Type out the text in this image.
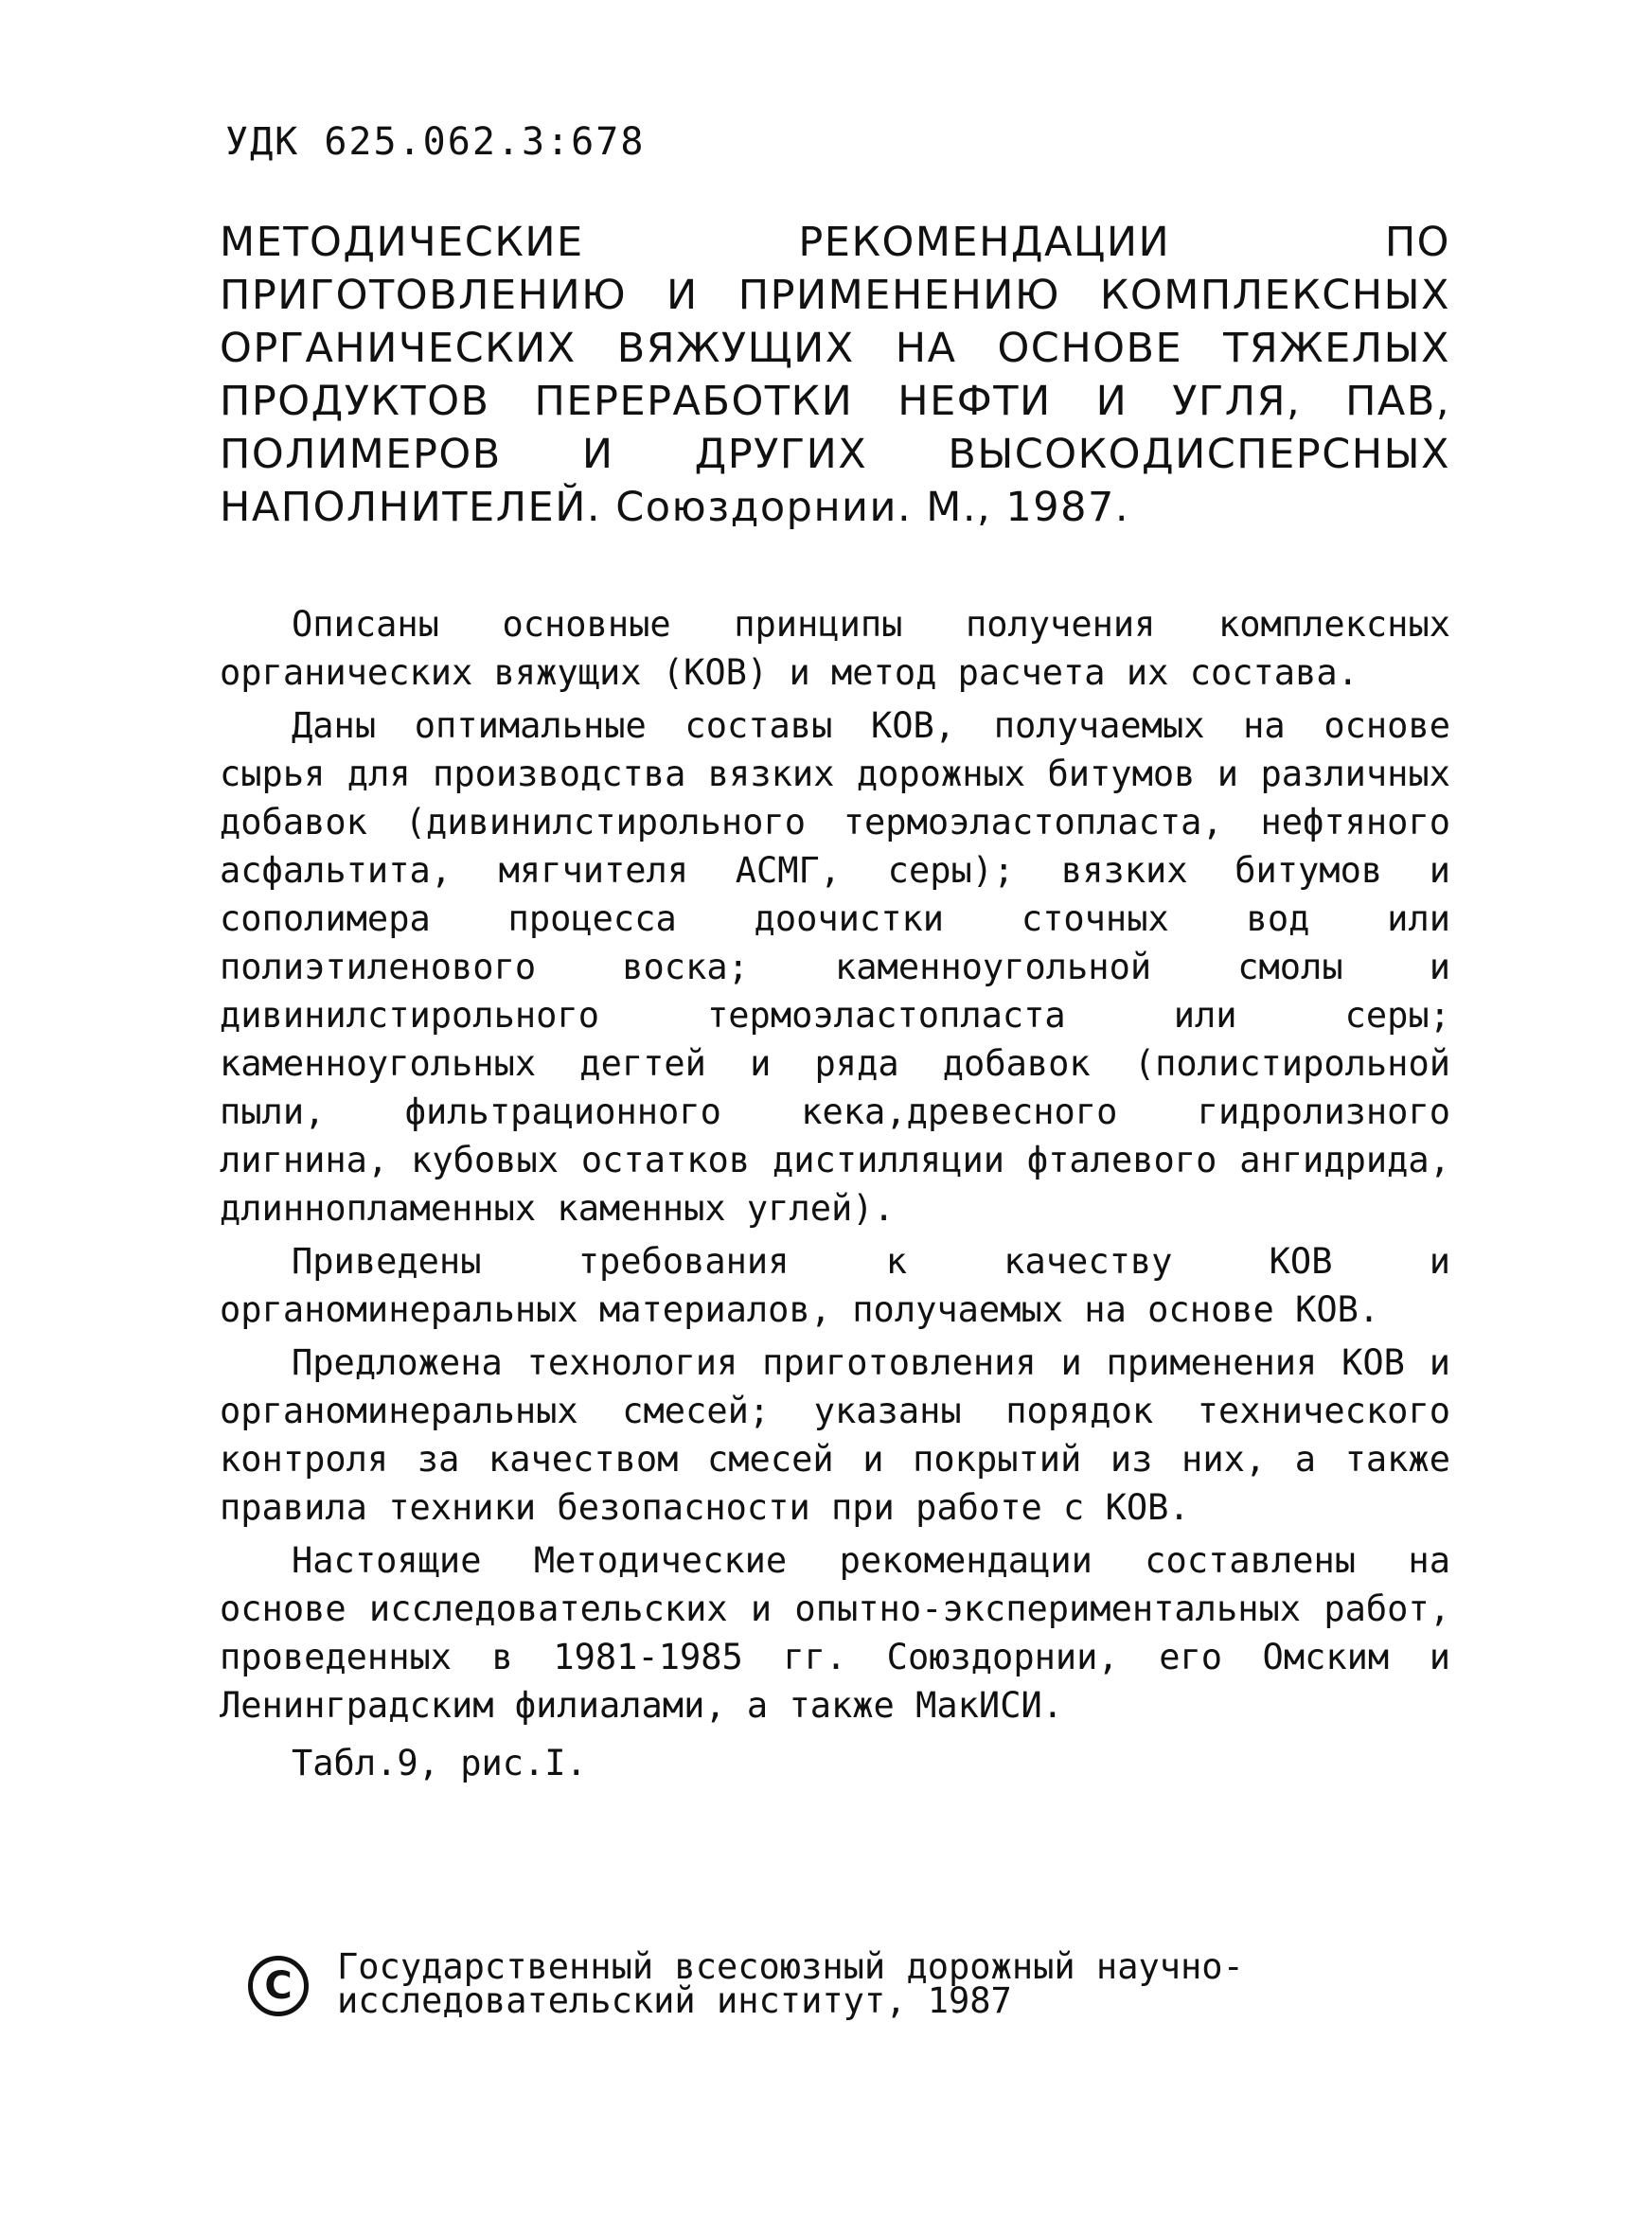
УДК 625.062.3:678

МЕТОДИЧЕСКИЕ РЕКОМЕНДАЦИИ ПО ПРИГОТОВЛЕНИЮ И ПРИМЕНЕНИЮ КОМПЛЕКСНЫХ ОРГАНИЧЕСКИХ ВЯЖУЩИХ НА ОСНОВЕ ТЯЖЕЛЫХ ПРОДУКТОВ ПЕРЕРАБОТКИ НЕФТИ И УГЛЯ, ПАВ, ПОЛИМЕРОВ И ДРУГИХ ВЫСОКОДИСПЕРСНЫХ НАПОЛНИТЕЛЕЙ. Союздорнии. М., 1987.

Описаны основные принципы получения комплексных органических вяжущих (КОВ) и метод расчета их состава.

Даны оптимальные составы КОВ, получаемых на основе сырья для производства вязких дорожных битумов и различных добавок (дивинилстирольного термоэластопласта, нефтяного асфальтита, мягчителя АСМГ, серы); вязких битумов и сополимера процесса доочистки сточных вод или полиэтиленового воска; каменноугольной смолы и дивинилстирольного термоэластопласта или серы; каменноугольных дегтей и ряда добавок (полистирольной пыли, фильтрационного кека,древесного гидролизного лигнина, кубовых остатков дистилляции фталевого ангидрида, длиннопламенных каменных углей).

Приведены требования к качеству КОВ и органоминеральных материалов, получаемых на основе КОВ.

Предложена технология приготовления и применения КОВ и органоминеральных смесей; указаны порядок технического контроля за качеством смесей и покрытий из них, а также правила техники безопасности при работе с КОВ.

Настоящие Методические рекомендации составлены на основе исследовательских и опытно-экспериментальных работ, проведенных в 1981-1985 гг. Союздорнии, его Омским и Ленинградским филиалами, а также МакИСИ.

Табл.9, рис.I.
C Государственный всесоюзный дорожный научно-
исследовательский институт, 1987
